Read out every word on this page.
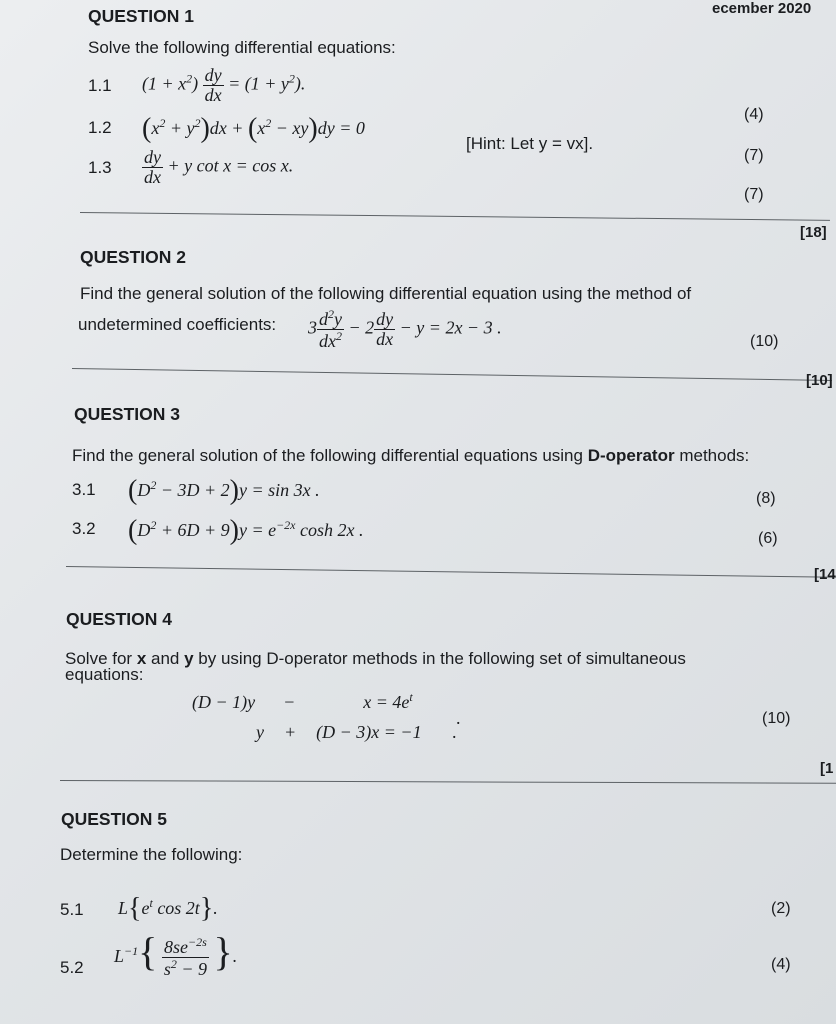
ecember 2020
QUESTION 1
Solve the following differential equations:
1.1 $(1 + x^2) \frac{dy}{dx} = (1 + y^2)$.
(4)
1.2 $(x^2 + y^2)dx + (x^2 - xy)dy = 0$
[Hint: Let y = vx].
(7)
$1.3 \frac{dy}{dx} + y$ cot x = cos x.
(7)
[18]
QUESTION 2
Find the general solution of the following differential equation using the method of
undetermined coefficients: $3 \frac{d^2y}{dx^2} - 2 \frac{dy}{dx} - y = 2x - 3$ .
(10)
[10]
QUESTION 3
Find the general solution of the following differential equations using D-operator methods:
3.1 $(D^2 - 3D + 2)y = \sin 3x$ .	(8)
3.2 $(D^2 + 6D + 9)y = e^{-2x}$ cosh 2x .	(6)
[14
QUESTION 4
Solve for x and y by using D-operator methods in the following set of simultaneous
equations:
(D − 1)y −	$x = 4e^t$
y + (D − 3)x = −1
.
.
(10)
[1
QUESTION 5
Determine the following:
5.1 $L\{e^t$ cos 2t}.	(2)
5.2
$L^{-1}\{ \frac{8se^{-2s}}{s^2 - 9}$ }.	(4)
